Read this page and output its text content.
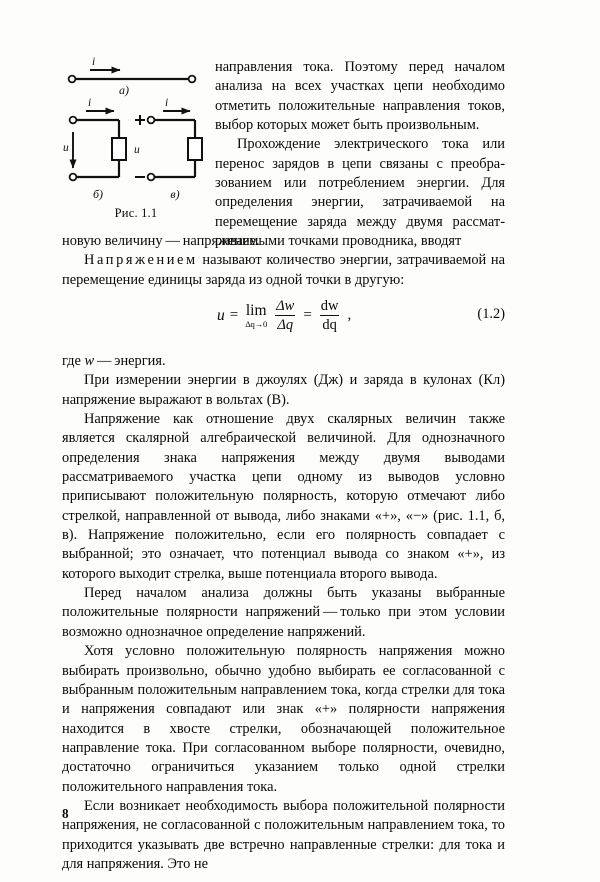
i
а)
i
u
б)
i
u
в)
Рис. 1.1

направления тока. Поэтому перед началом анализа на всех участках цепи необходимо отметить положительные направления токов, выбор которых может быть произвольным.

Прохождение электрического тока или перенос зарядов в цепи связаны с преобразованием или потреблением энергии. Для определения энергии, затрачиваемой на перемещение заряда между двумя рассматриваемыми точками проводника, вводят

новую величину — напряжение.

Напряжением называют количество энергии, затрачиваемой на перемещение единицы заряда из одной точки в другую:

u = lim
$\Delta q\to 0 \frac{\Delta w}{\Delta q} = \frac{dw}{dq}$ ,	(1.2)

где w — энергия.

При измерении энергии в джоулях (Дж) и заряда в кулонах (Кл) напряжение выражают в вольтах (В).

Напряжение как отношение двух скалярных величин также является скалярной алгебраической величиной. Для однозначного определения знака напряжения между двумя выводами рассматриваемого участка цепи одному из выводов условно приписывают положительную полярность, которую отмечают либо стрелкой, направленной от вывода, либо знаками «+», «−» (рис. 1.1, б, в). Напряжение положительно, если его полярность совпадает с выбранной; это означает, что потенциал вывода со знаком «+», из которого выходит стрелка, выше потенциала второго вывода.

Перед началом анализа должны быть указаны выбранные положительные полярности напряжений — только при этом условии возможно однозначное определение напряжений.

Хотя условно положительную полярность напряжения можно выбирать произвольно, обычно удобно выбирать ее согласованной с выбранным положительным направлением тока, когда стрелки для тока и напряжения совпадают или знак «+» полярности напряжения находится в хвосте стрелки, обозначающей положительное направление тока. При согласованном выборе полярности, очевидно, достаточно ограничиться указанием только одной стрелки положительного направления тока.

Если возникает необходимость выбора положительной полярности напряжения, не согласованной с положительным направлением тока, то приходится указывать две встречно направленные стрелки: для тока и для напряжения. Это не

8
